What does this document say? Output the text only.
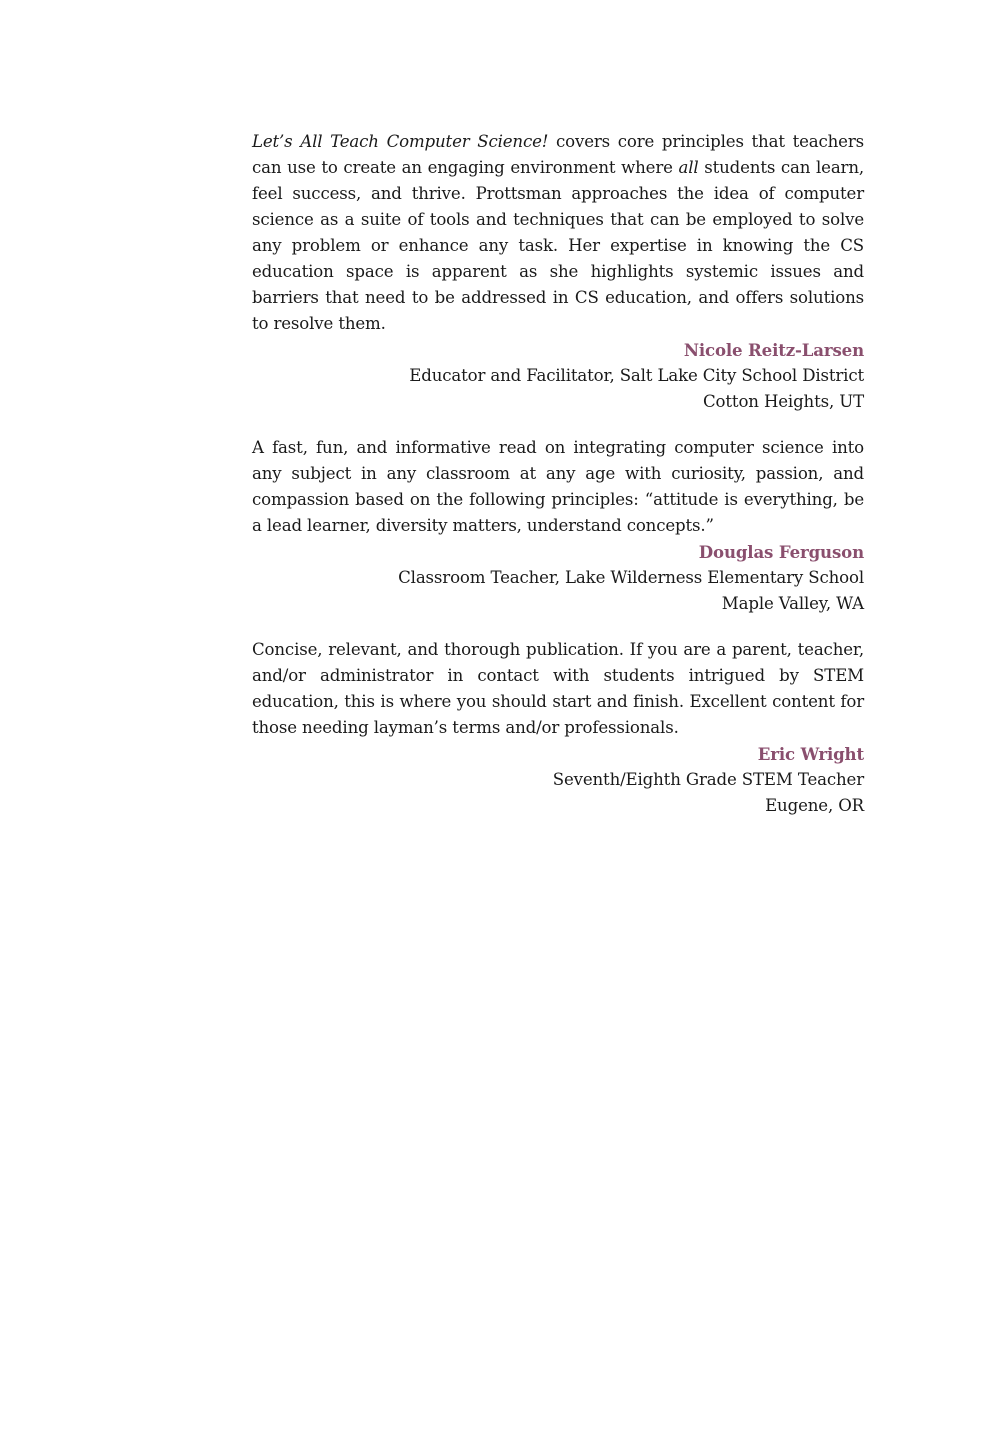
Let’s All Teach Computer Science! covers core principles that teachers can use to create an engaging environment where all students can learn, feel success, and thrive. Prottsman approaches the idea of computer science as a suite of tools and techniques that can be employed to solve any problem or enhance any task. Her expertise in knowing the CS education space is apparent as she highlights systemic issues and barriers that need to be addressed in CS education, and offers solutions to resolve them.

Nicole Reitz-Larsen
Educator and Facilitator, Salt Lake City School District
Cotton Heights, UT

A fast, fun, and informative read on integrating computer science into any subject in any classroom at any age with curiosity, passion, and compassion based on the following principles: “attitude is everything, be a lead learner, diversity matters, understand concepts.”

Douglas Ferguson
Classroom Teacher, Lake Wilderness Elementary School
Maple Valley, WA

Concise, relevant, and thorough publication. If you are a parent, teacher, and/or administrator in contact with students intrigued by STEM education, this is where you should start and finish. Excellent content for those needing layman’s terms and/or professionals.

Eric Wright
Seventh/Eighth Grade STEM Teacher
Eugene, OR
